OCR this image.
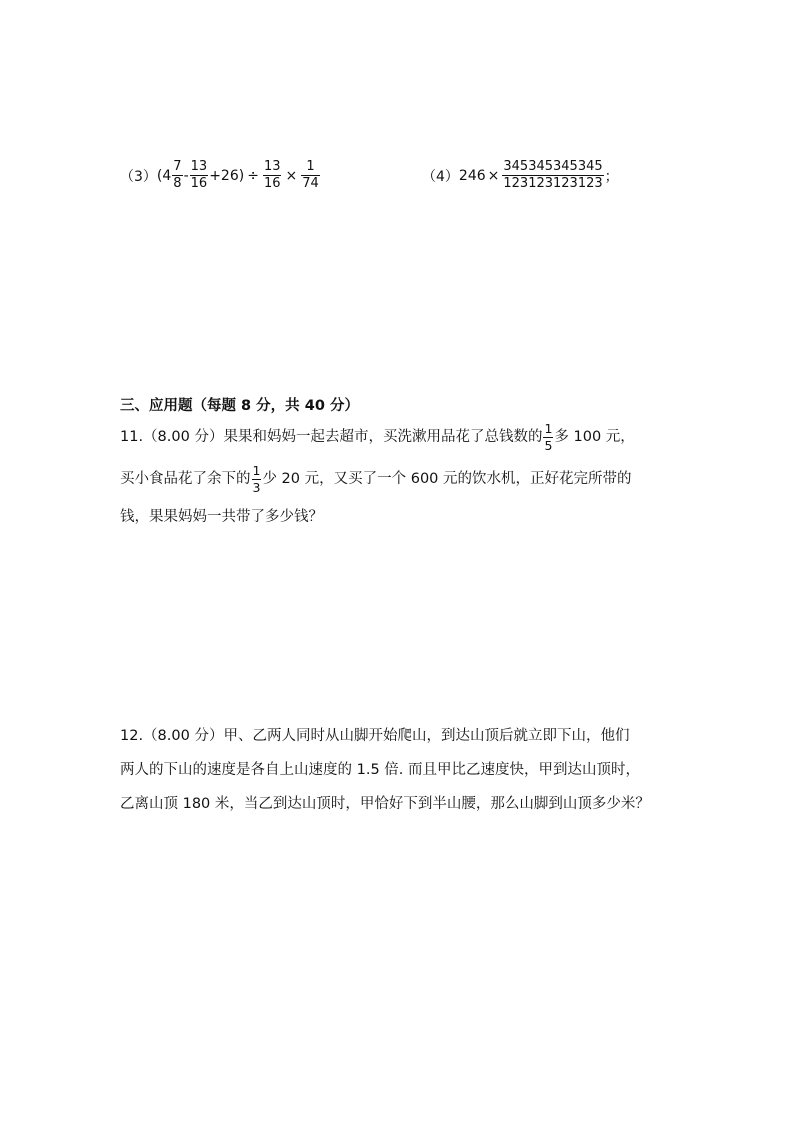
（3） $(4 \frac{7}{8} - \frac{13}{16} +26) \div \frac{13}{16} \times \frac{1}{74}$	（4） $246 \times \frac{345345345345}{123123123123}$ ；
三、应用题（每题 8 分，共 40 分）
11.（8.00 分）果果和妈妈一起去超市，买洗漱用品花了总钱数的 $\frac{1}{5}$ 多 100 元，
买小食品花了余下的 $\frac{1}{3}$ 少 20 元，又买了一个 600 元的饮水机，正好花完所带的
钱，果果妈妈一共带了多少钱？
12.（8.00 分）甲、乙两人同时从山脚开始爬山，到达山顶后就立即下山，他们
两人的下山的速度是各自上山速度的 1.5 倍. 而且甲比乙速度快，甲到达山顶时，
乙离山顶 180 米，当乙到达山顶时，甲恰好下到半山腰，那么山脚到山顶多少米？
